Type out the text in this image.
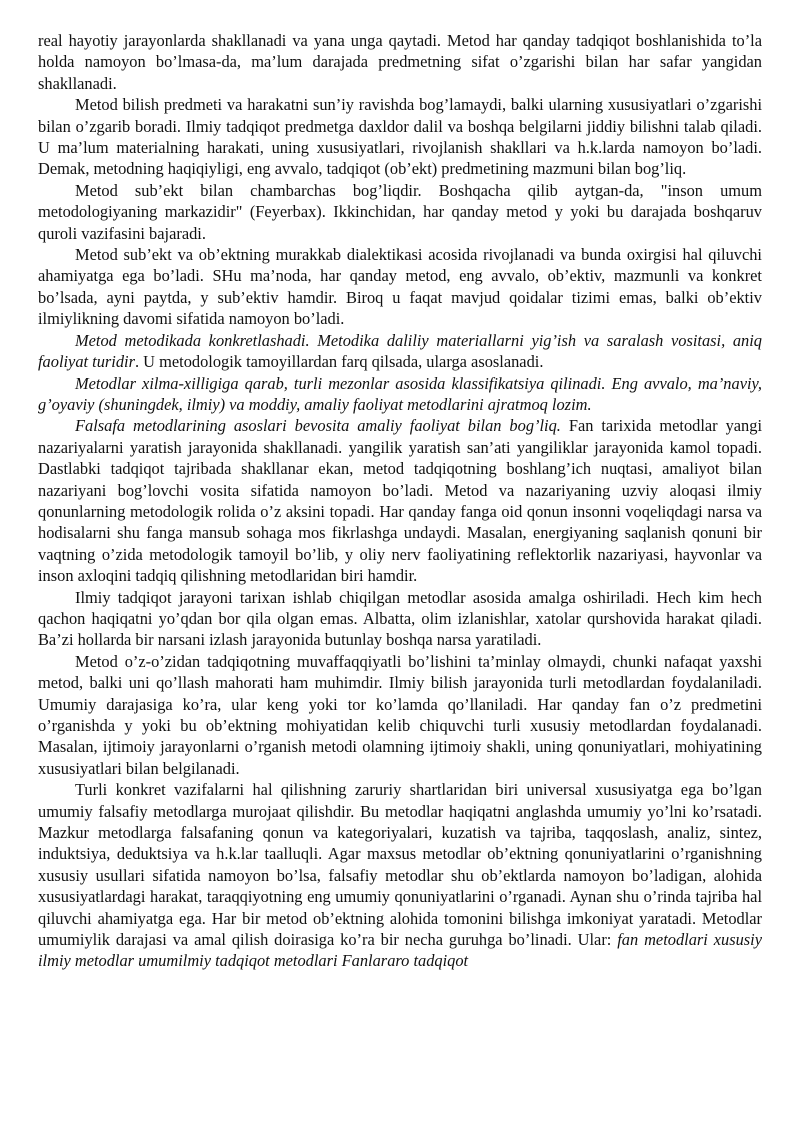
real hayotiy jarayonlarda shakllanadi va yana unga qaytadi. Metod har qanday tadqiqot boshlanishida to’la holda namoyon bo’lmasa-da, ma’lum darajada predmetning sifat o’zgarishi bilan har safar yangidan shakllanadi.

Metod bilish predmeti va harakatni sun’iy ravishda bog’lamaydi, balki ularning xususiyatlari o’zgarishi bilan o’zgarib boradi. Ilmiy tadqiqot predmetga daxldor dalil va boshqa belgilarni jiddiy bilishni talab qiladi. U ma’lum materialning harakati, uning xususiyatlari, rivojlanish shakllari va h.k.larda namoyon bo’ladi. Demak, metodning haqiqiyligi, eng avvalo, tadqiqot (ob’ekt) predmetining mazmuni bilan bog’liq.

Metod sub’ekt bilan chambarchas bog’liqdir. Boshqacha qilib aytgan-da, "inson umum metodologiyaning markazidir" (Feyerbax). Ikkinchidan, har qanday metod y yoki bu darajada boshqaruv quroli vazifasini bajaradi.

Metod sub’ekt va ob’ektning murakkab dialektikasi acosida rivojlanadi va bunda oxirgisi hal qiluvchi ahamiyatga ega bo’ladi. SHu ma’noda, har qanday metod, eng avvalo, ob’ektiv, mazmunli va konkret bo’lsada, ayni paytda, y sub’ektiv hamdir. Biroq u faqat mavjud qoidalar tizimi emas, balki ob’ektiv ilmiylikning davomi sifatida namoyon bo’ladi.

Metod metodikada konkretlashadi. Metodika daliliy materiallarni yig’ish va saralash vositasi, aniq faoliyat turidir. U metodologik tamoyillardan farq qilsada, ularga asoslanadi.

Metodlar xilma-xilligiga qarab, turli mezonlar asosida klassifikatsiya qilinadi. Eng avvalo, ma’naviy, g’oyaviy (shuningdek, ilmiy) va moddiy, amaliy faoliyat metodlarini ajratmoq lozim.

Falsafa metodlarining asoslari bevosita amaliy faoliyat bilan bog’liq. Fan tarixida metodlar yangi nazariyalarni yaratish jarayonida shakllanadi. yangilik yaratish san’ati yangiliklar jarayonida kamol topadi. Dastlabki tadqiqot tajribada shakllanar ekan, metod tadqiqotning boshlang’ich nuqtasi, amaliyot bilan nazariyani bog’lovchi vosita sifatida namoyon bo’ladi. Metod va nazariyaning uzviy aloqasi ilmiy qonunlarning metodologik rolida o’z aksini topadi. Har qanday fanga oid qonun insonni voqeliqdagi narsa va hodisalarni shu fanga mansub sohaga mos fikrlashga undaydi. Masalan, energiyaning saqlanish qonuni bir vaqtning o’zida metodologik tamoyil bo’lib, y oliy nerv faoliyatining reflektorlik nazariyasi, hayvonlar va inson axloqini tadqiq qilishning metodlaridan biri hamdir.

Ilmiy tadqiqot jarayoni tarixan ishlab chiqilgan metodlar asosida amalga oshiriladi. Hech kim hech qachon haqiqatni yo’qdan bor qila olgan emas. Albatta, olim izlanishlar, xatolar qurshovida harakat qiladi. Ba’zi hollarda bir narsani izlash jarayonida butunlay boshqa narsa yaratiladi.

Metod o’z-o’zidan tadqiqotning muvaffaqqiyatli bo’lishini ta’minlay olmaydi, chunki nafaqat yaxshi metod, balki uni qo’llash mahorati ham muhimdir. Ilmiy bilish jarayonida turli metodlardan foydalaniladi. Umumiy darajasiga ko’ra, ular keng yoki tor ko’lamda qo’llaniladi. Har qanday fan o’z predmetini o’rganishda y yoki bu ob’ektning mohiyatidan kelib chiquvchi turli xususiy metodlardan foydalanadi. Masalan, ijtimoiy jarayonlarni o’rganish metodi olamning ijtimoiy shakli, uning qonuniyatlari, mohiyatining xususiyatlari bilan belgilanadi.

Turli konkret vazifalarni hal qilishning zaruriy shartlaridan biri universal xususiyatga ega bo’lgan umumiy falsafiy metodlarga murojaat qilishdir. Bu metodlar haqiqatni anglashda umumiy yo’lni ko’rsatadi. Mazkur metodlarga falsafaning qonun va kategoriyalari, kuzatish va tajriba, taqqoslash, analiz, sintez, induktsiya, deduktsiya va h.k.lar taalluqli. Agar maxsus metodlar ob’ektning qonuniyatlarini o’rganishning xususiy usullari sifatida namoyon bo’lsa, falsafiy metodlar shu ob’ektlarda namoyon bo’ladigan, alohida xususiyatlardagi harakat, taraqqiyotning eng umumiy qonuniyatlarini o’rganadi. Aynan shu o’rinda tajriba hal qiluvchi ahamiyatga ega. Har bir metod ob’ektning alohida tomonini bilishga imkoniyat yaratadi. Metodlar umumiylik darajasi va amal qilish doirasiga ko’ra bir necha guruhga bo’linadi. Ular: fan metodlari xususiy ilmiy metodlar umumilmiy tadqiqot metodlari Fanlararo tadqiqot
